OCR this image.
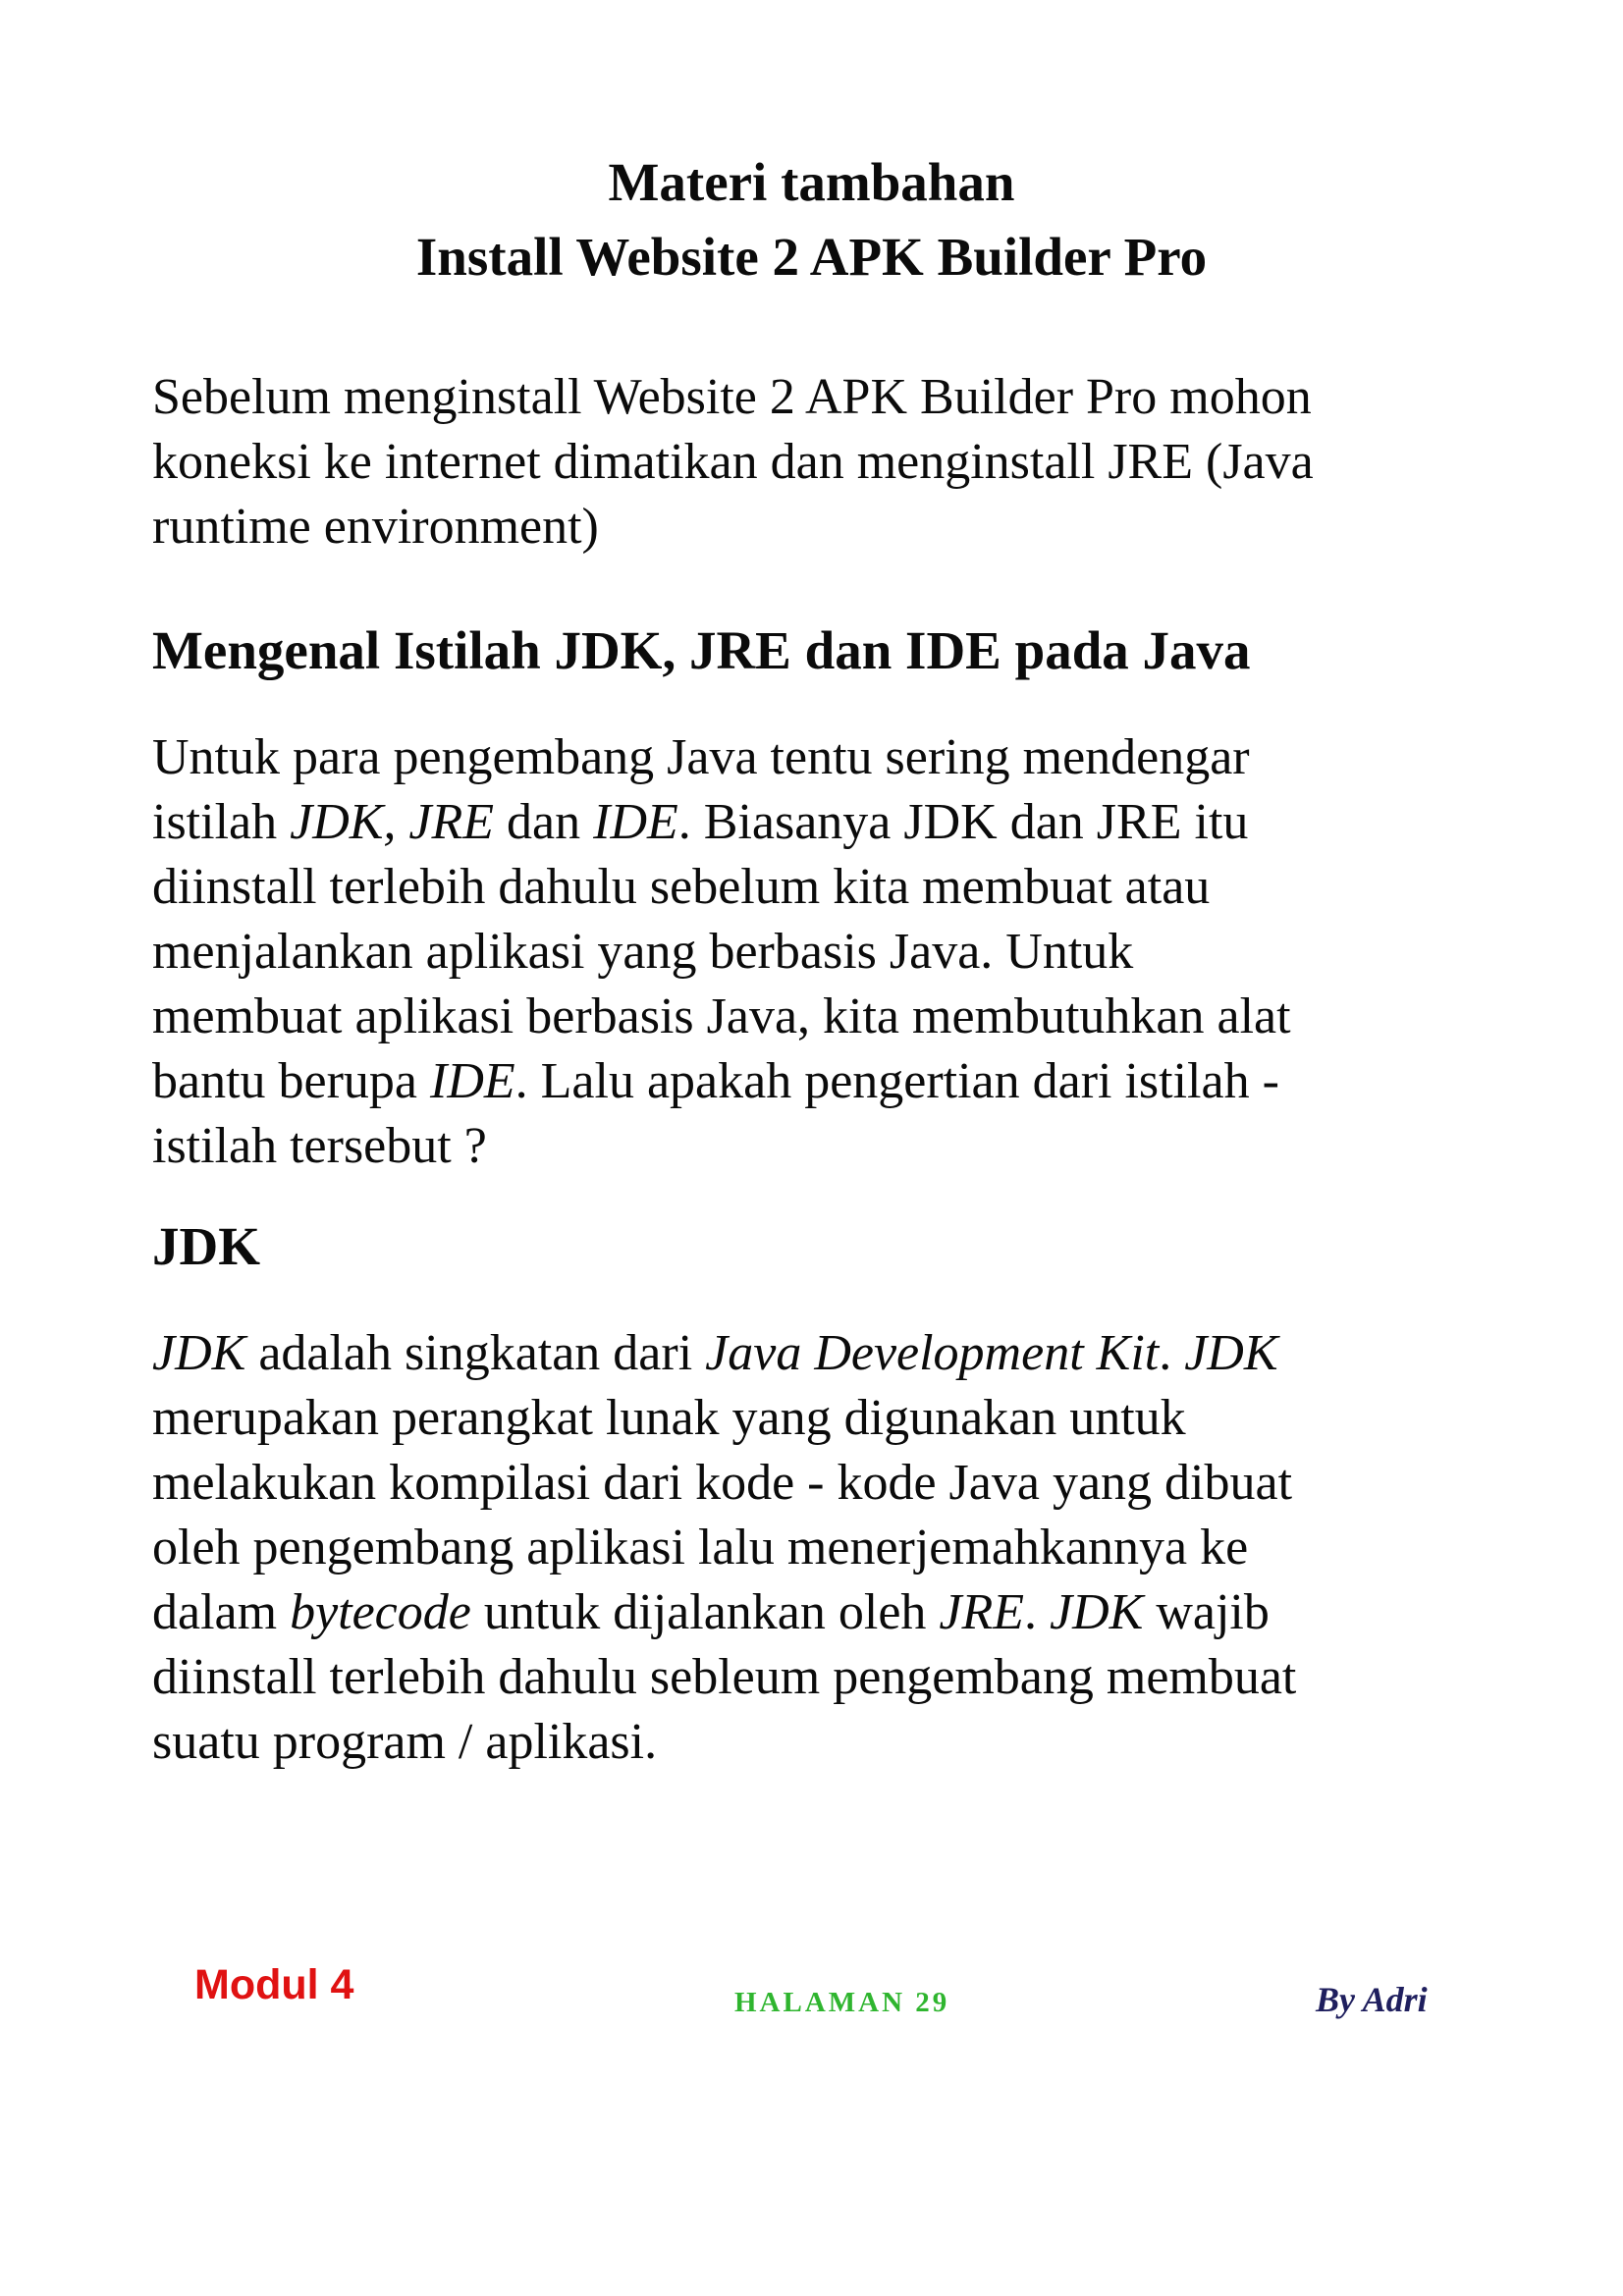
Materi tambahan
Install Website 2 APK Builder Pro
Sebelum menginstall Website 2 APK Builder Pro mohon
koneksi ke internet dimatikan dan menginstall JRE (Java
runtime environment)
Mengenal Istilah JDK, JRE dan IDE pada Java
Untuk para pengembang Java tentu sering mendengar
istilah JDK, JRE dan IDE. Biasanya JDK dan JRE itu
diinstall terlebih dahulu sebelum kita membuat atau
menjalankan aplikasi yang berbasis Java. Untuk
membuat aplikasi berbasis Java, kita membutuhkan alat
bantu berupa IDE. Lalu apakah pengertian dari istilah -
istilah tersebut ?
JDK
JDK adalah singkatan dari Java Development Kit. JDK
merupakan perangkat lunak yang digunakan untuk
melakukan kompilasi dari kode - kode Java yang dibuat
oleh pengembang aplikasi lalu menerjemahkannya ke
dalam bytecode untuk dijalankan oleh JRE. JDK wajib
diinstall terlebih dahulu sebleum pengembang membuat
suatu program / aplikasi.
Modul 4	HALAMAN 29	By Adri
